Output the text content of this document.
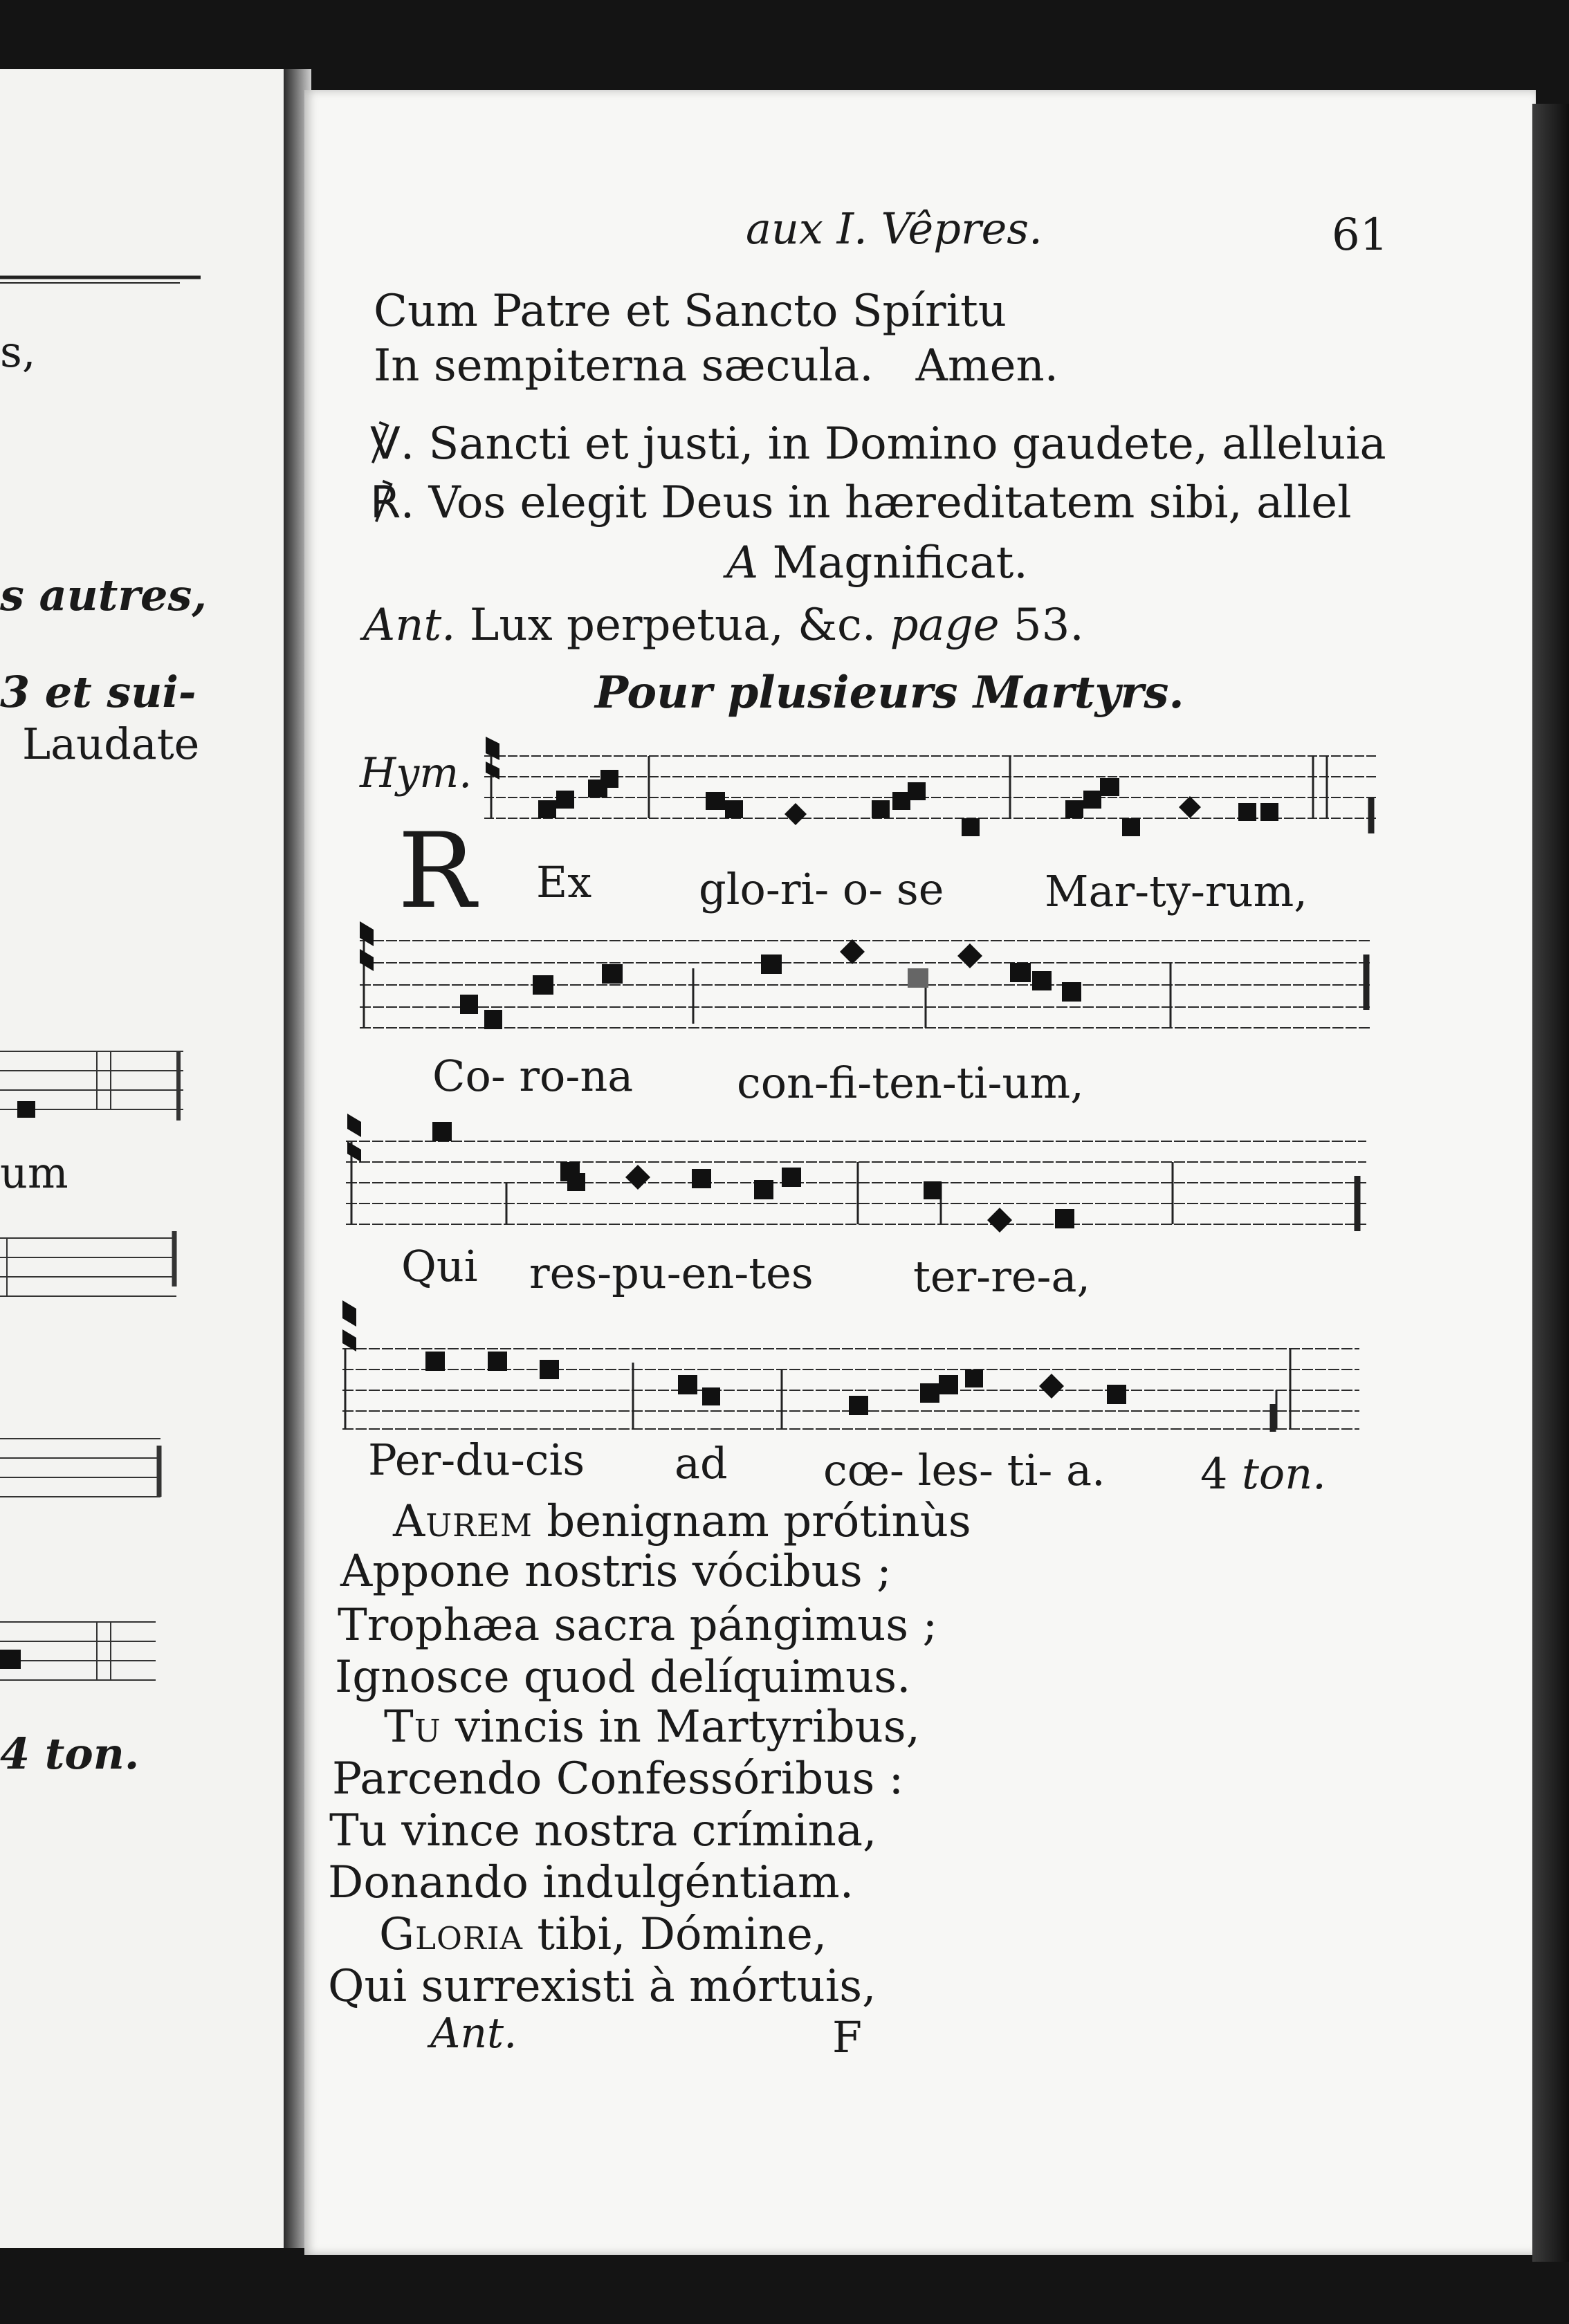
s,
s autres,
3 et sui-
Laudate
um
4 ton.
aux I. Vêpres.	61
Cum Patre et Sancto Spíritu
In sempiterna sæcula.   Amen.
℣. Sancti et justi, in Domino gaudete, alleluia
℟. Vos elegit Deus in hæreditatem sibi, allel
A Magnificat.
Ant. Lux perpetua, &c. page 53.
Pour plusieurs Martyrs.
Hym.
R Ex glo-ri- o- se Mar-ty-rum,
Co- ro-na con-fi-ten-ti-um,
Qui res-pu-en-tes ter-re-a,
Per-du-cis ad cœ- les- ti- a. 4 ton.
Aurem benignam prótinùs
Appone nostris vócibus ;
Trophæa sacra pángimus ;
Ignosce quod delíquimus.
Tu vincis in Martyribus,
Parcendo Confessóribus :
Tu vince nostra crímina,
Donando indulgéntiam.
Gloria tibi, Dómine,
Qui surrexisti à mórtuis,
Ant.	F
